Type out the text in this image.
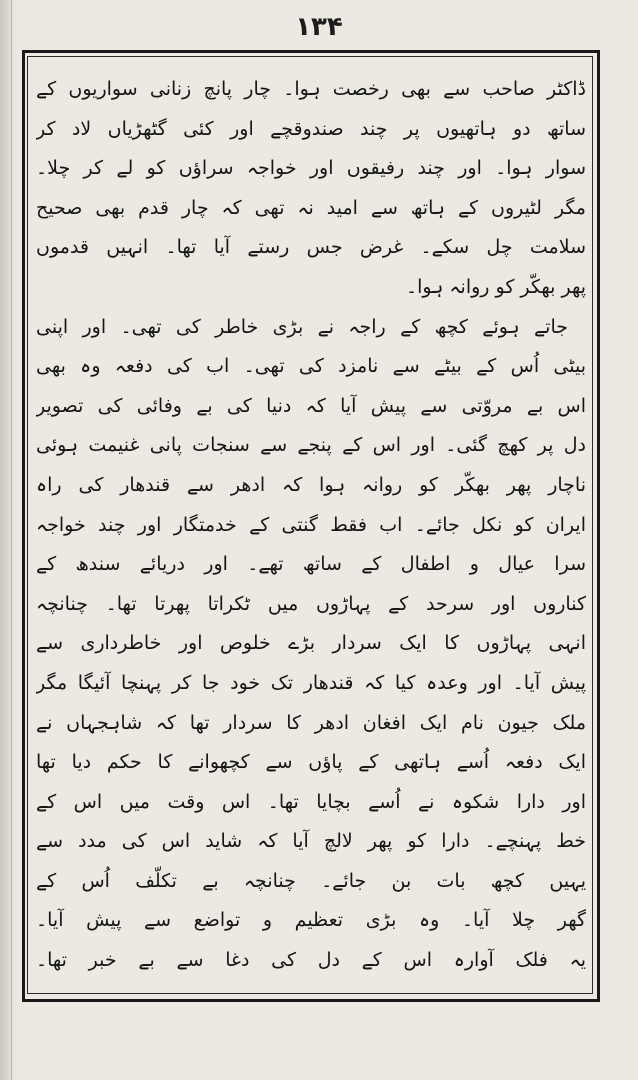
۱۳۴
ڈاکٹر صاحب سے بھی رخصت ہوا۔ چار پانچ زنانی سواریوں کے
ساتھ دو ہاتھیوں پر چند صندوقچے اور کئی گٹھڑیاں لاد کر
سوار ہوا۔ اور چند رفیقوں اور خواجہ سراؤں کو لے کر چلا۔
مگر لٹیروں کے ہاتھ سے امید نہ تھی کہ چار قدم بھی صحیح
سلامت چل سکے۔ غرض جس رستے آیا تھا۔ انہیں قدموں
پھر بھکّر کو روانہ ہوا۔
جاتے ہوئے کچھ کے راجہ نے بڑی خاطر کی تھی۔ اور اپنی
بیٹی اُس کے بیٹے سے نامزد کی تھی۔ اب کی دفعہ وہ بھی
اس بے مروّتی سے پیش آیا کہ دنیا کی بے وفائی کی تصویر
دل پر کھچ گئی۔ اور اس کے پنجے سے سنجات پانی غنیمت ہوئی
ناچار پھر بھکّر کو روانہ ہوا کہ ادھر سے قندھار کی راہ
ایران کو نکل جائے۔ اب فقط گنتی کے خدمتگار اور چند خواجہ
سرا عیال و اطفال کے ساتھ تھے۔ اور دریائے سندھ کے
کناروں اور سرحد کے پہاڑوں میں ٹکراتا پھرتا تھا۔ چنانچہ
انہی پہاڑوں کا ایک سردار بڑے خلوص اور خاطرداری سے
پیش آیا۔ اور وعدہ کیا کہ قندھار تک خود جا کر پہنچا آئیگا مگر
ملک جیون نام ایک افغان ادھر کا سردار تھا کہ شاہجہاں نے
ایک دفعہ اُسے ہاتھی کے پاؤں سے کچھوانے کا حکم دیا تھا
اور دارا شکوہ نے اُسے بچایا تھا۔ اس وقت میں اس کے
خط پہنچے۔ دارا کو پھر لالچ آیا کہ شاید اس کی مدد سے
یہیں کچھ بات بن جائے۔ چنانچہ بے تکلّف اُس کے
گھر چلا آیا۔ وہ بڑی تعظیم و تواضع سے پیش آیا۔
یہ فلک آوارہ اس کے دل کی دغا سے بے خبر تھا۔
